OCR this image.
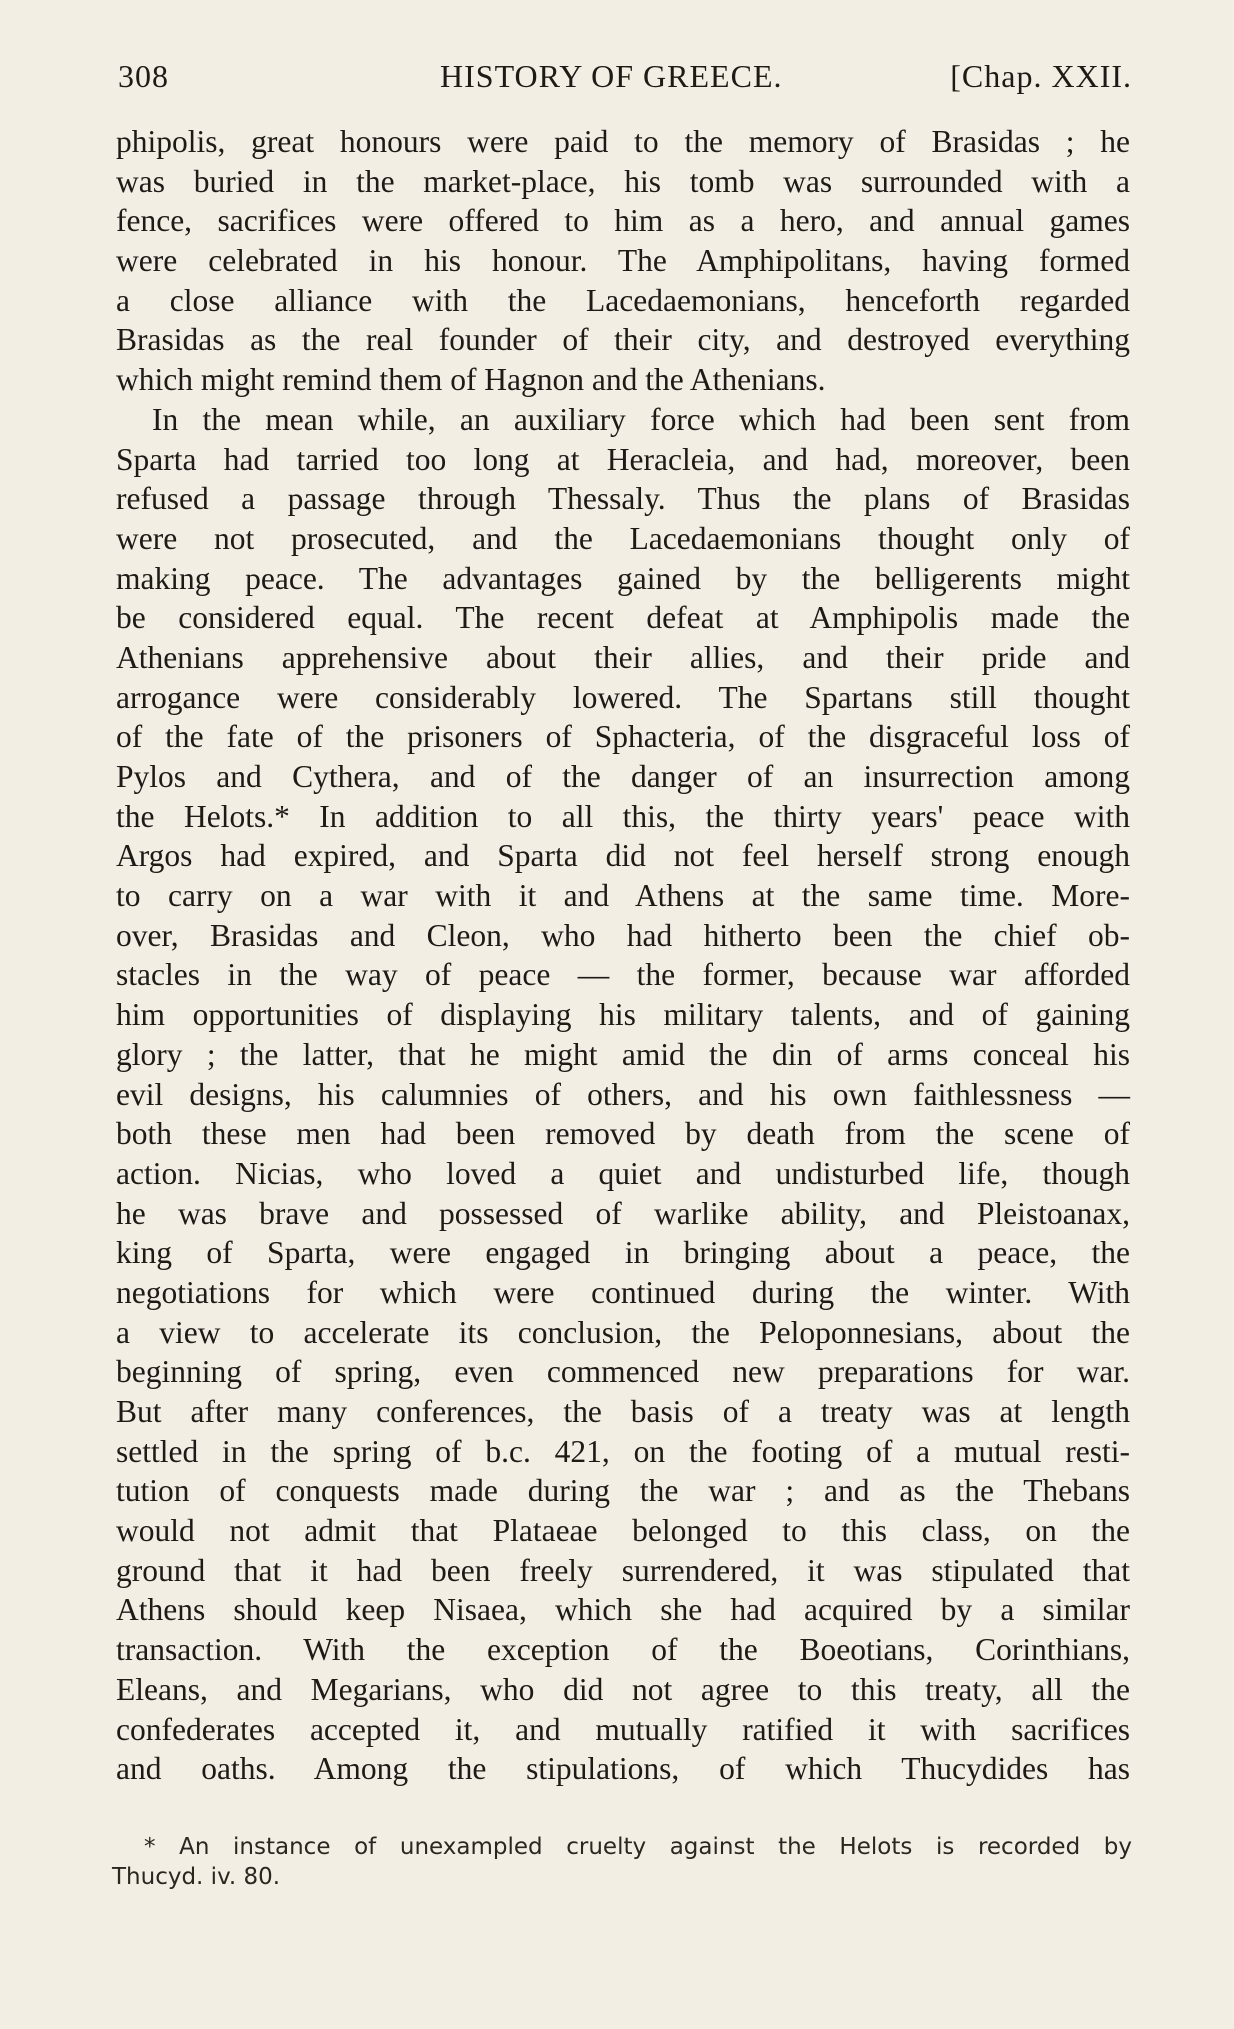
308	HISTORY OF GREECE.	[Chap. XXII.
phipolis, great honours were paid to the memory of Brasidas ; he
was buried in the market-place, his tomb was surrounded with a
fence, sacrifices were offered to him as a hero, and annual games
were celebrated in his honour. The Amphipolitans, having formed
a close alliance with the Lacedaemonians, henceforth regarded
Brasidas as the real founder of their city, and destroyed everything
which might remind them of Hagnon and the Athenians.
In the mean while, an auxiliary force which had been sent from
Sparta had tarried too long at Heracleia, and had, moreover, been
refused a passage through Thessaly. Thus the plans of Brasidas
were not prosecuted, and the Lacedaemonians thought only of
making peace. The advantages gained by the belligerents might
be considered equal. The recent defeat at Amphipolis made the
Athenians apprehensive about their allies, and their pride and
arrogance were considerably lowered. The Spartans still thought
of the fate of the prisoners of Sphacteria, of the disgraceful loss of
Pylos and Cythera, and of the danger of an insurrection among
the Helots.* In addition to all this, the thirty years' peace with
Argos had expired, and Sparta did not feel herself strong enough
to carry on a war with it and Athens at the same time. More-
over, Brasidas and Cleon, who had hitherto been the chief ob-
stacles in the way of peace — the former, because war afforded
him opportunities of displaying his military talents, and of gaining
glory ; the latter, that he might amid the din of arms conceal his
evil designs, his calumnies of others, and his own faithlessness —
both these men had been removed by death from the scene of
action. Nicias, who loved a quiet and undisturbed life, though
he was brave and possessed of warlike ability, and Pleistoanax,
king of Sparta, were engaged in bringing about a peace, the
negotiations for which were continued during the winter. With
a view to accelerate its conclusion, the Peloponnesians, about the
beginning of spring, even commenced new preparations for war.
But after many conferences, the basis of a treaty was at length
settled in the spring of b.c. 421, on the footing of a mutual resti-
tution of conquests made during the war ; and as the Thebans
would not admit that Plataeae belonged to this class, on the
ground that it had been freely surrendered, it was stipulated that
Athens should keep Nisaea, which she had acquired by a similar
transaction. With the exception of the Boeotians, Corinthians,
Eleans, and Megarians, who did not agree to this treaty, all the
confederates accepted it, and mutually ratified it with sacrifices
and oaths. Among the stipulations, of which Thucydides has
* An instance of unexampled cruelty against the Helots is recorded by
Thucyd. iv. 80.
